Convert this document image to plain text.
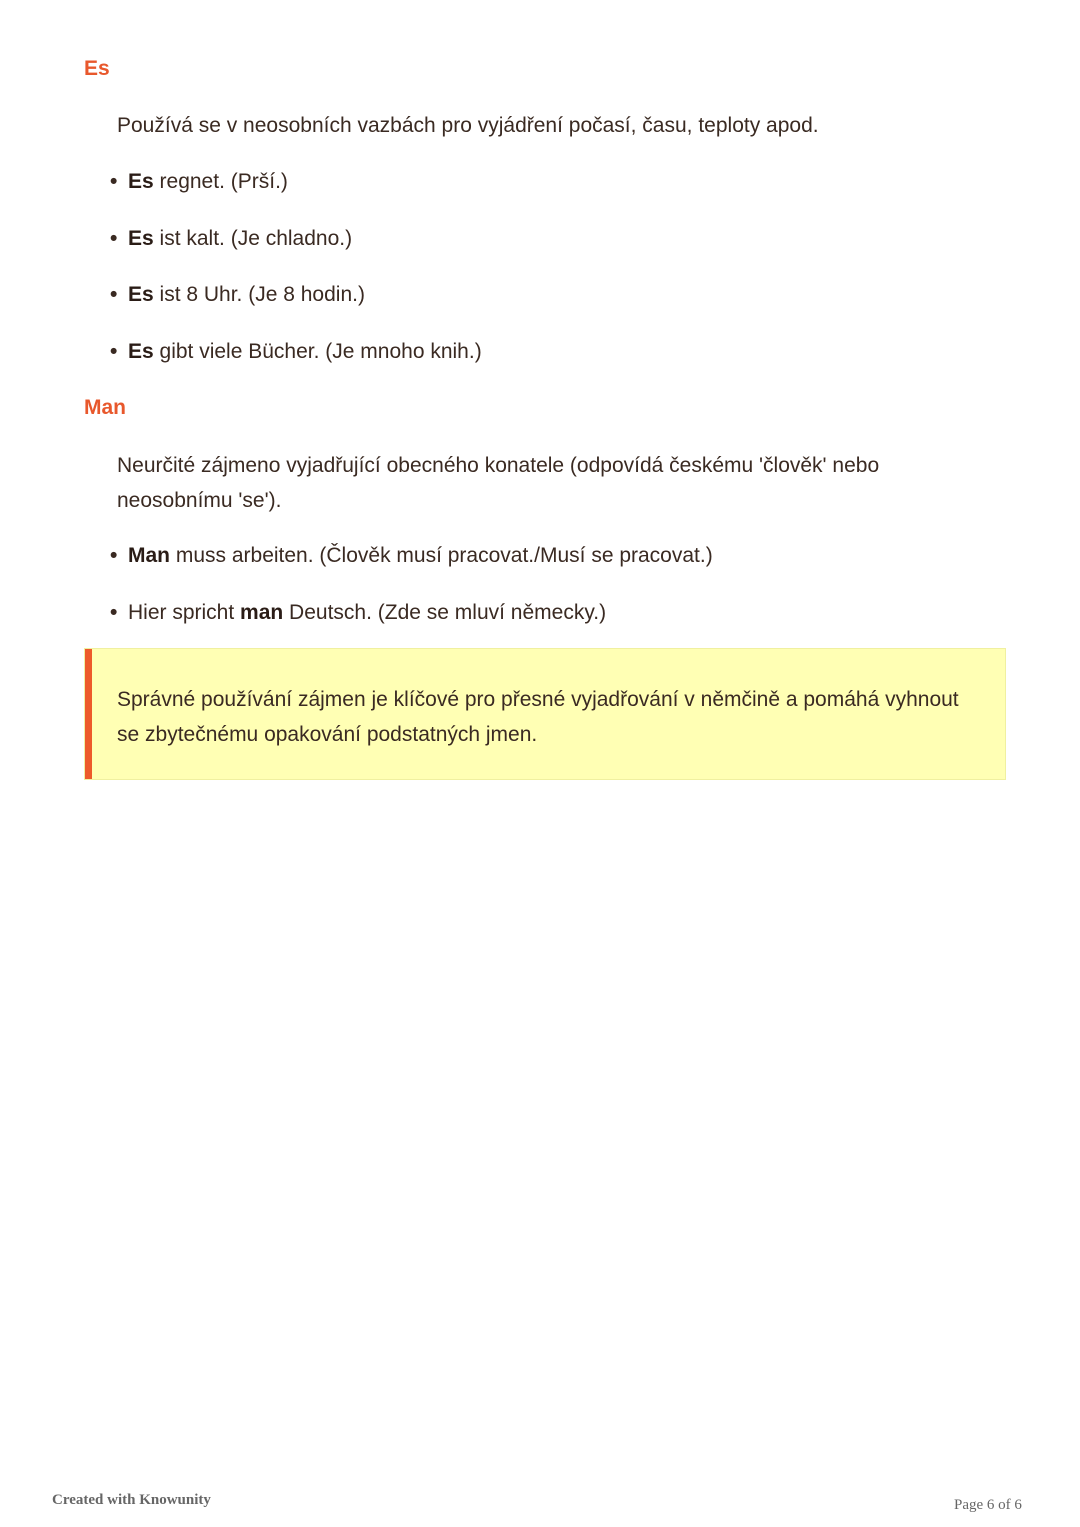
Es

Používá se v neosobních vazbách pro vyjádření počasí, času, teploty apod.

• Es regnet. (Prší.)
• Es ist kalt. (Je chladno.)
• Es ist 8 Uhr. (Je 8 hodin.)
• Es gibt viele Bücher. (Je mnoho knih.)
Man

Neurčité zájmeno vyjadřující obecného konatele (odpovídá českému 'člověk' nebo neosobnímu 'se').

• Man muss arbeiten. (Člověk musí pracovat./Musí se pracovat.)
• Hier spricht man Deutsch. (Zde se mluví německy.)
Správné používání zájmen je klíčové pro přesné vyjadřování v němčině a pomáhá vyhnout se zbytečnému opakování podstatných jmen.
Created with Knowunity	Page 6 of 6
